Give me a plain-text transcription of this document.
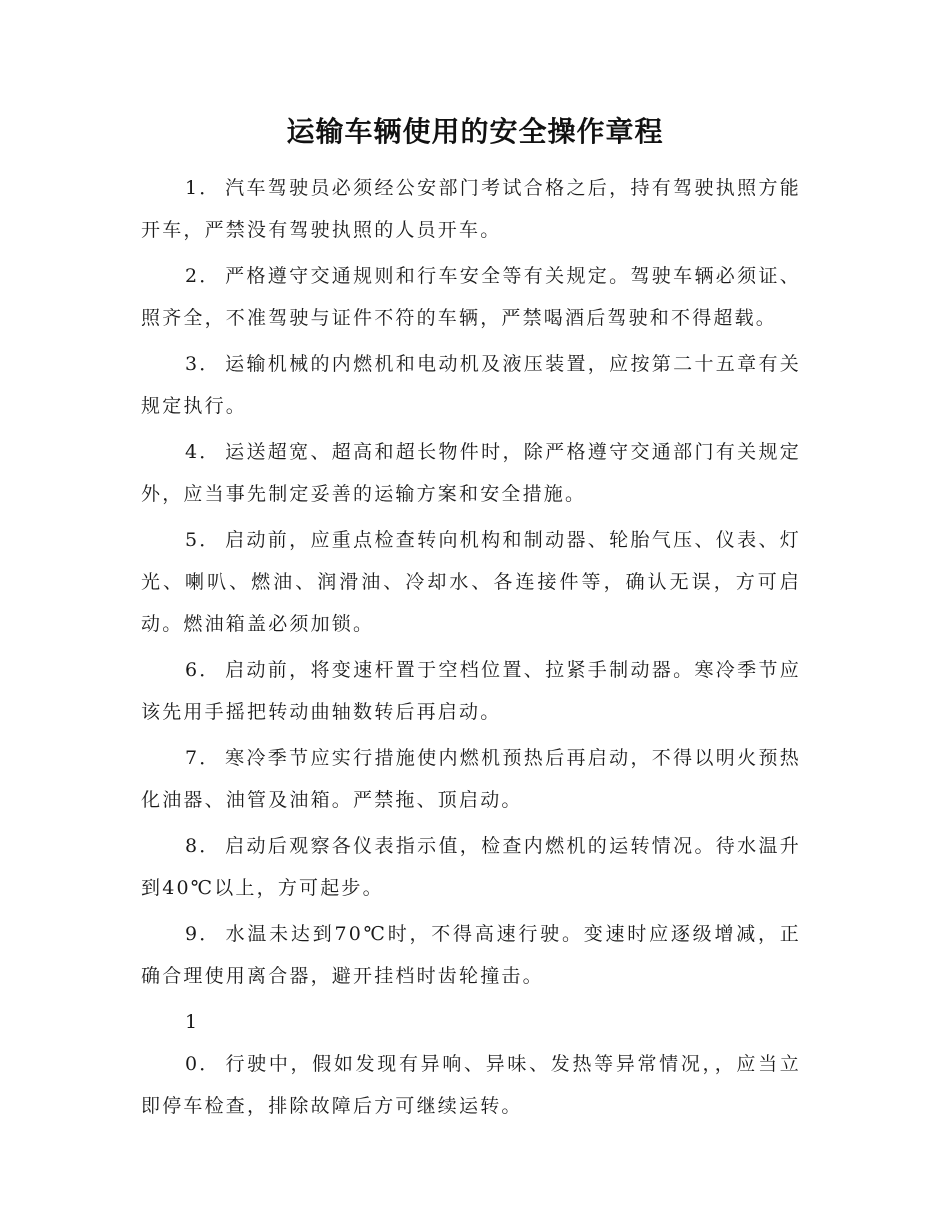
运输车辆使用的安全操作章程

1． 汽车驾驶员必须经公安部门考试合格之后，持有驾驶执照方能开车，严禁没有驾驶执照的人员开车。

2． 严格遵守交通规则和行车安全等有关规定。驾驶车辆必须证、照齐全，不准驾驶与证件不符的车辆，严禁喝酒后驾驶和不得超载。

3． 运输机械的内燃机和电动机及液压装置，应按第二十五章有关规定执行。

4． 运送超宽、超高和超长物件时，除严格遵守交通部门有关规定外，应当事先制定妥善的运输方案和安全措施。

5． 启动前，应重点检查转向机构和制动器、轮胎气压、仪表、灯光、喇叭、燃油、润滑油、冷却水、各连接件等，确认无误，方可启动。燃油箱盖必须加锁。

6． 启动前，将变速杆置于空档位置、拉紧手制动器。寒冷季节应该先用手摇把转动曲轴数转后再启动。

7． 寒冷季节应实行措施使内燃机预热后再启动，不得以明火预热化油器、油管及油箱。严禁拖、顶启动。

8． 启动后观察各仪表指示值，检查内燃机的运转情况。待水温升到40℃以上，方可起步。

9． 水温未达到70℃时，不得高速行驶。变速时应逐级增减，正确合理使用离合器，避开挂档时齿轮撞击。

10． 行驶中，假如发现有异响、异味、发热等异常情况，，应当立即停车检查，排除故障后方可继续运转。
